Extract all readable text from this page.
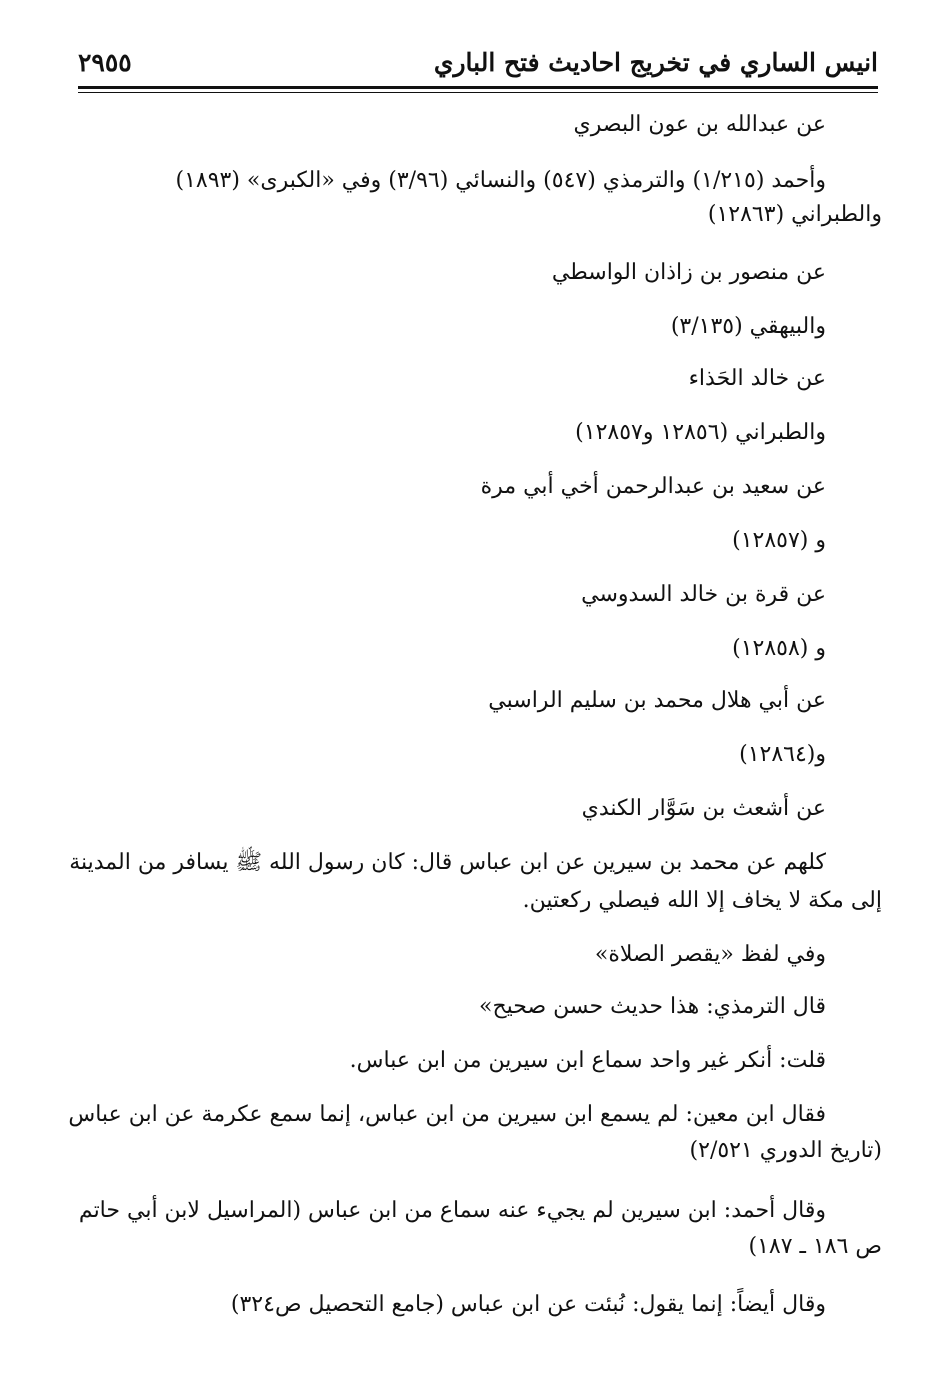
انيس الساري في تخريج احاديث فتح الباري
٢٩٥٥
عن عبدالله بن عون البصري
وأحمد (١/٢١٥) والترمذي (٥٤٧) والنسائي (٣/٩٦) وفي «الكبرى» (١٨٩٣)
والطبراني (١٢٨٦٣)
عن منصور بن زاذان الواسطي
والبيهقي (٣/١٣٥)
عن خالد الحَذاء
والطبراني (١٢٨٥٦ و١٢٨٥٧)
عن سعيد بن عبدالرحمن أخي أبي مرة
و (١٢٨٥٧)
عن قرة بن خالد السدوسي
و (١٢٨٥٨)
عن أبي هلال محمد بن سليم الراسبي
و(١٢٨٦٤)
عن أشعث بن سَوَّار الكندي
كلهم عن محمد بن سيرين عن ابن عباس قال: كان رسول الله ﷺ يسافر من المدينة
إلى مكة لا يخاف إلا الله فيصلي ركعتين.
وفي لفظ «يقصر الصلاة»
قال الترمذي: هذا حديث حسن صحيح»
قلت: أنكر غير واحد سماع ابن سيرين من ابن عباس.
فقال ابن معين: لم يسمع ابن سيرين من ابن عباس، إنما سمع عكرمة عن ابن عباس
(تاريخ الدوري ٢/٥٢١)
وقال أحمد: ابن سيرين لم يجيء عنه سماع من ابن عباس (المراسيل لابن أبي حاتم
ص ١٨٦ ـ ١٨٧)
وقال أيضاً: إنما يقول: نُبئت عن ابن عباس (جامع التحصيل ص٣٢٤)
